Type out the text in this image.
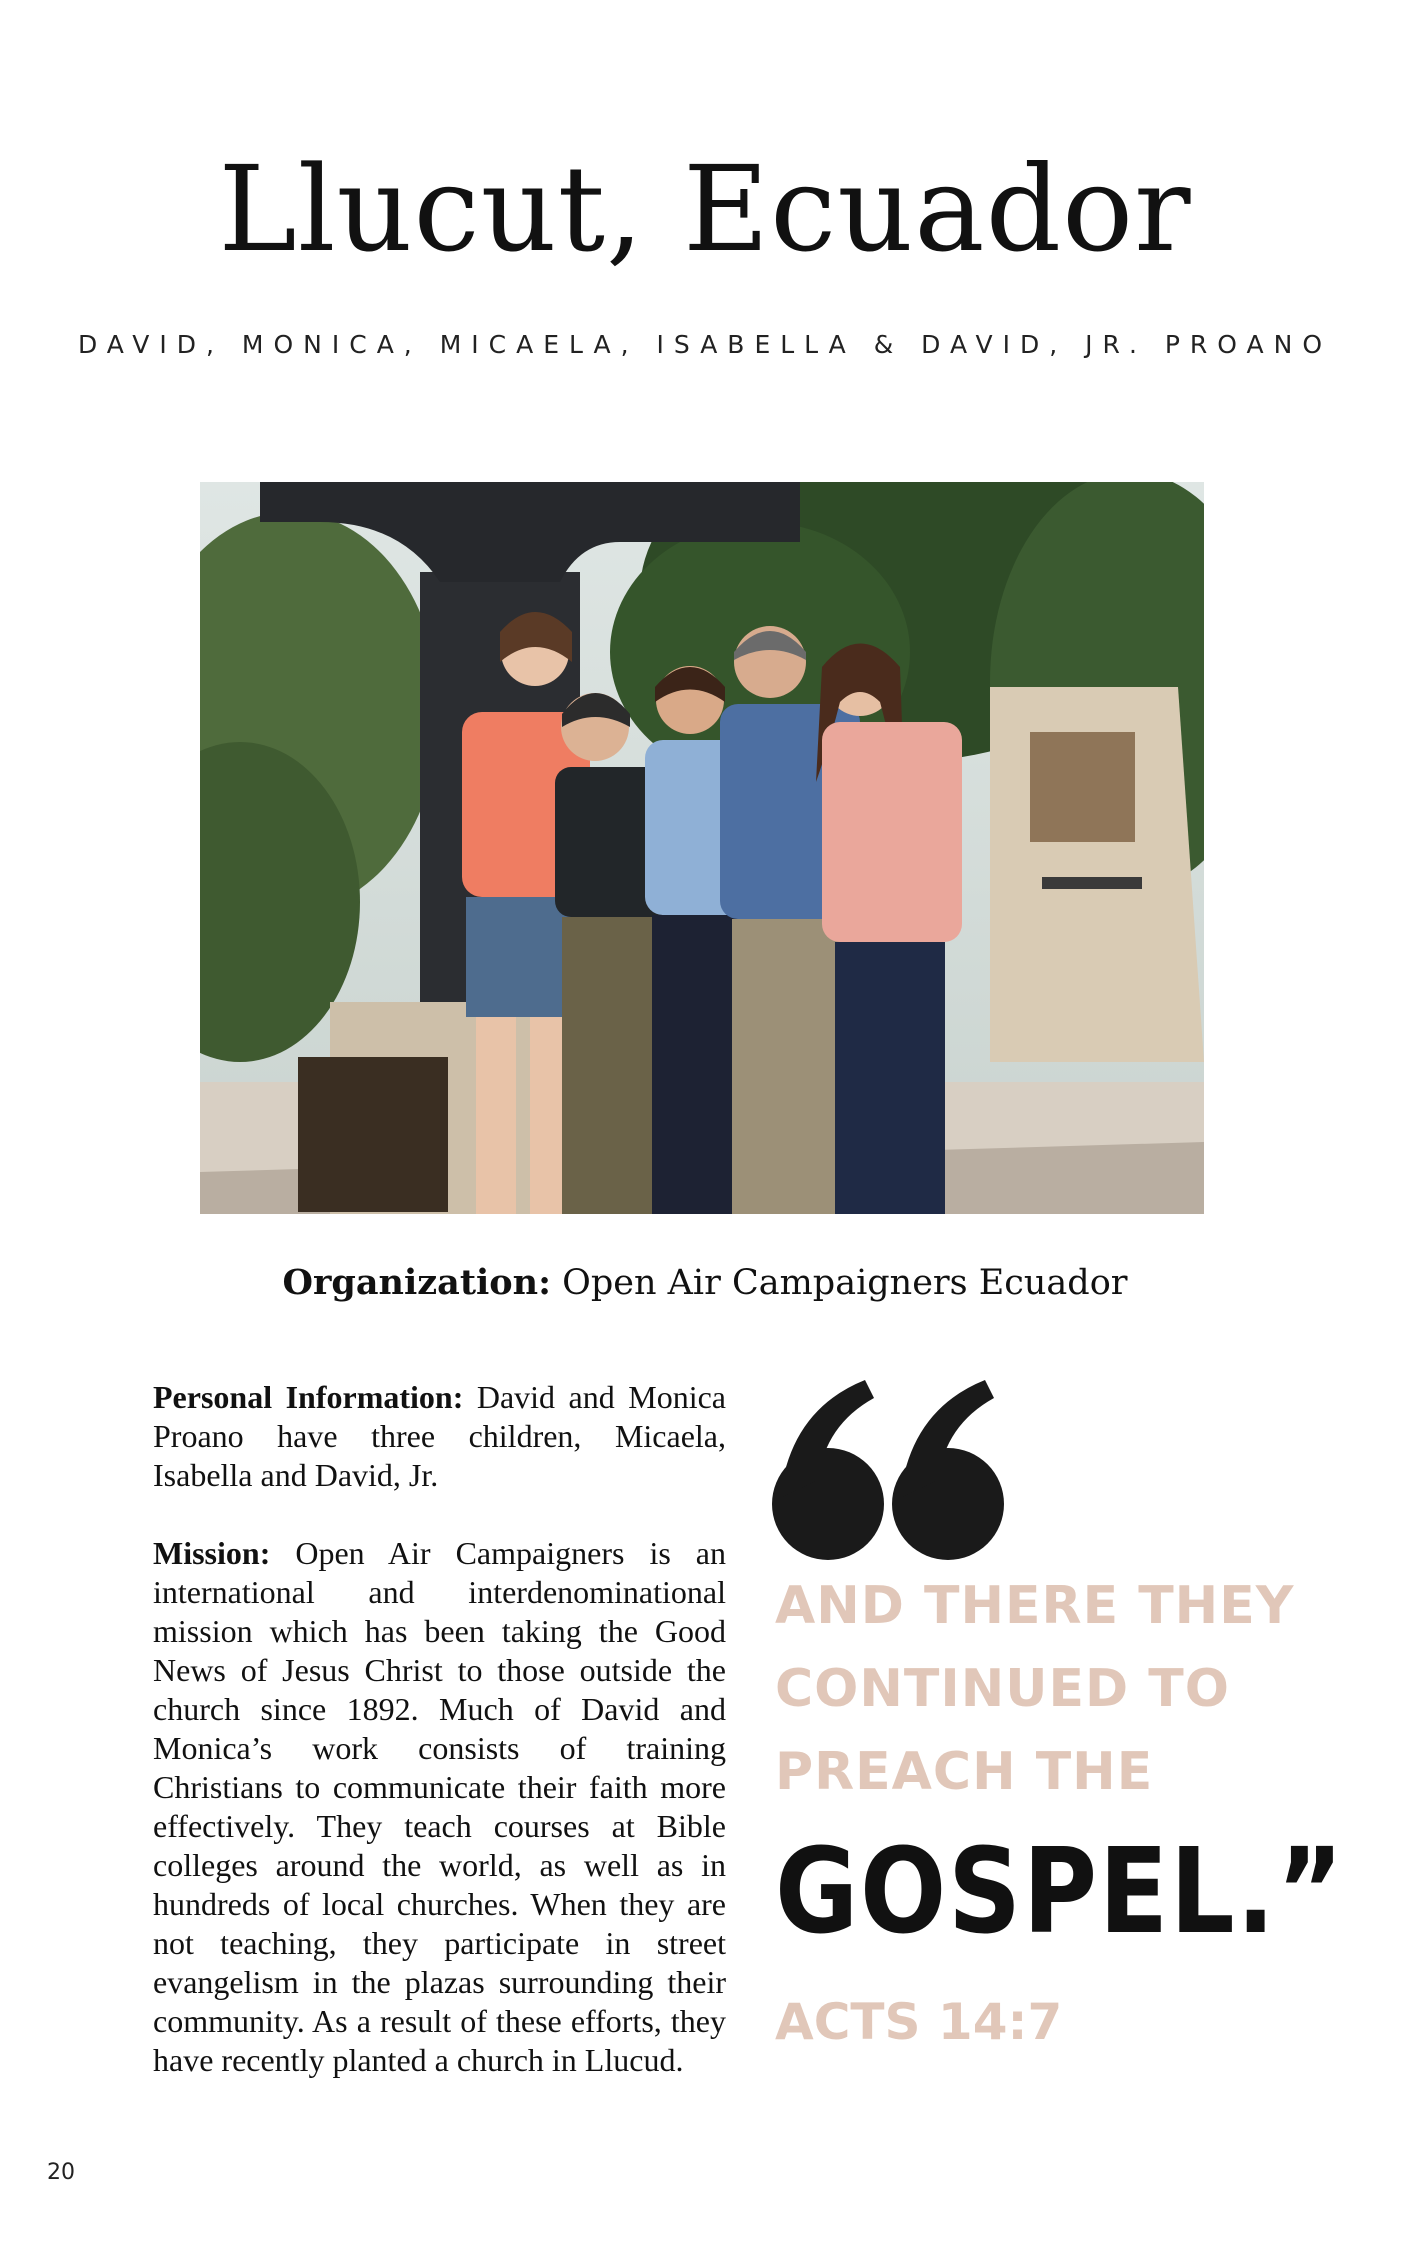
Llucut, Ecuador
DAVID, MONICA, MICAELA, ISABELLA & DAVID, JR. PROANO
Organization: Open Air Campaigners Ecuador

Personal Information: David and Monica Proano have three children, Micaela, Isabella and David, Jr.

Mission: Open Air Campaigners is an international and interdenominational mission which has been taking the Good News of Jesus Christ to those outside the church since 1892. Much of David and Monica’s work consists of training Christians to communicate their faith more effectively. They teach courses at Bible colleges around the world, as well as in hundreds of local churches. When they are not teaching, they participate in street evangelism in the plazas surrounding their community. As a result of these efforts, they have recently planted a church in Llucud.

AND THERE THEY
CONTINUED TO
PREACH THE
GOSPEL.”
ACTS 14:7
20
